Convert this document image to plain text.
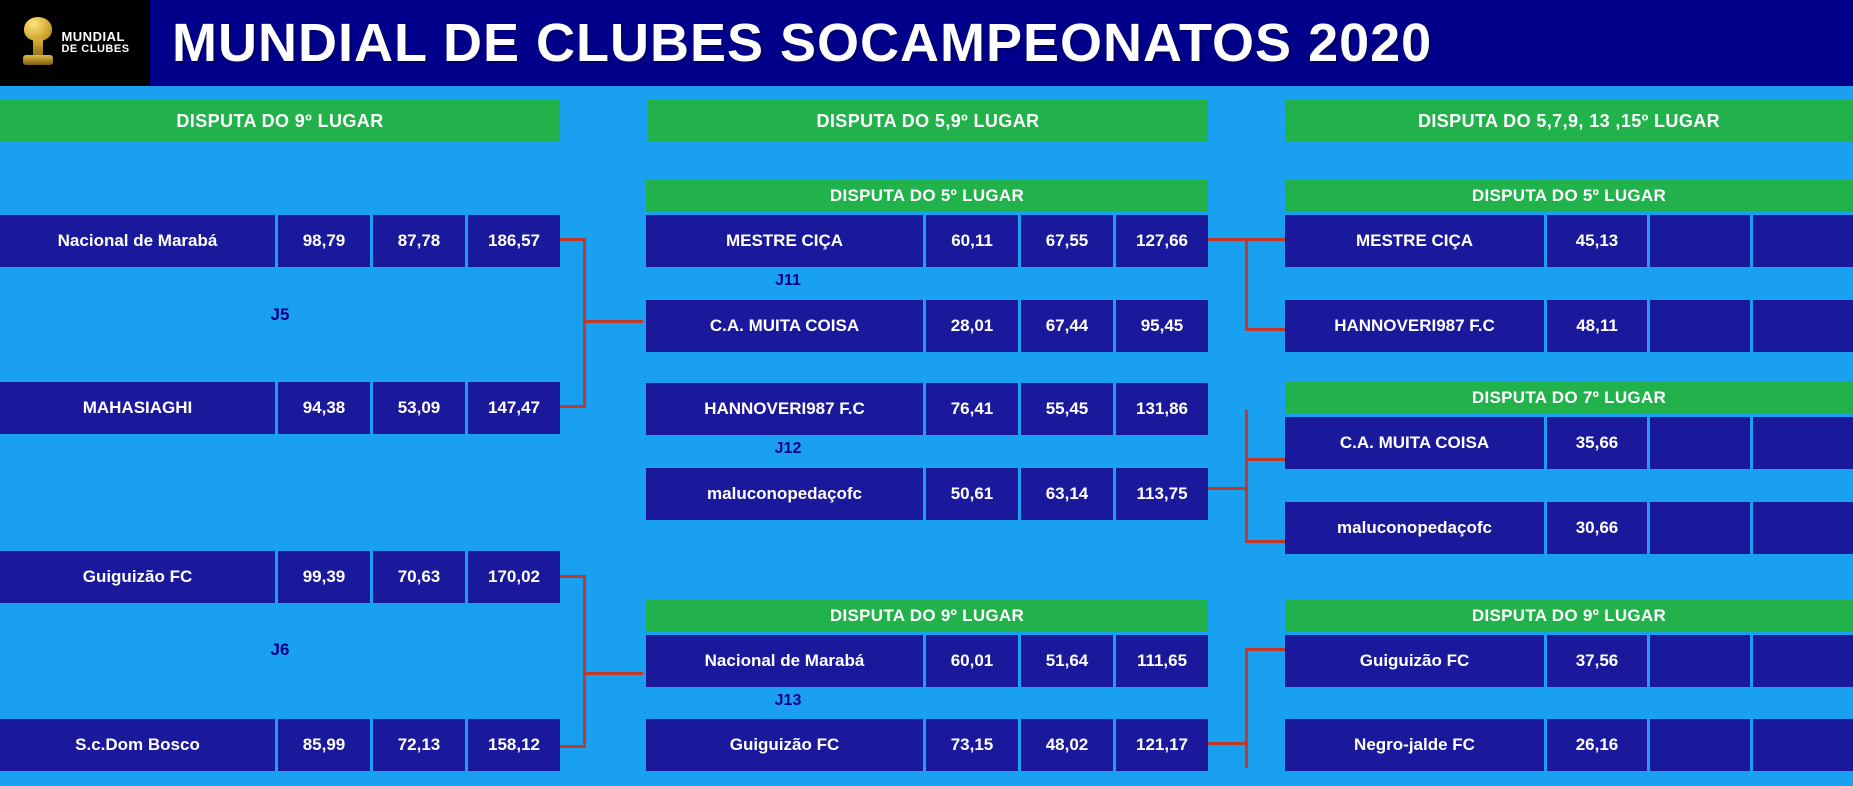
MUNDIAL
DE CLUBES MUNDIAL DE CLUBES SOCAMPEONATOS 2020
DISPUTA DO 9º LUGAR	DISPUTA DO 5,9º LUGAR	DISPUTA DO 5,7,9, 13 ,15º LUGAR
Nacional de Marabá	98,79	87,78	186,57
J5
MAHASIAGHI	94,38	53,09	147,47
Guiguizão FC	99,39	70,63	170,02
J6
S.c.Dom Bosco	85,99	72,13	158,12
DISPUTA DO 5º LUGAR
MESTRE CIÇA	60,11	67,55	127,66
J11
C.A. MUITA COISA	28,01	67,44	95,45
HANNOVERI987 F.C	76,41	55,45	131,86
J12
maluconopedaçofc	50,61	63,14	113,75
DISPUTA DO 9º LUGAR
Nacional de Marabá	60,01	51,64	111,65
J13
Guiguizão FC	73,15	48,02	121,17
DISPUTA DO 5º LUGAR
MESTRE CIÇA	45,13
HANNOVERI987 F.C	48,11
DISPUTA DO 7º LUGAR
C.A. MUITA COISA	35,66
maluconopedaçofc	30,66
DISPUTA DO 9º LUGAR
Guiguizão FC	37,56
Negro-jalde FC	26,16
